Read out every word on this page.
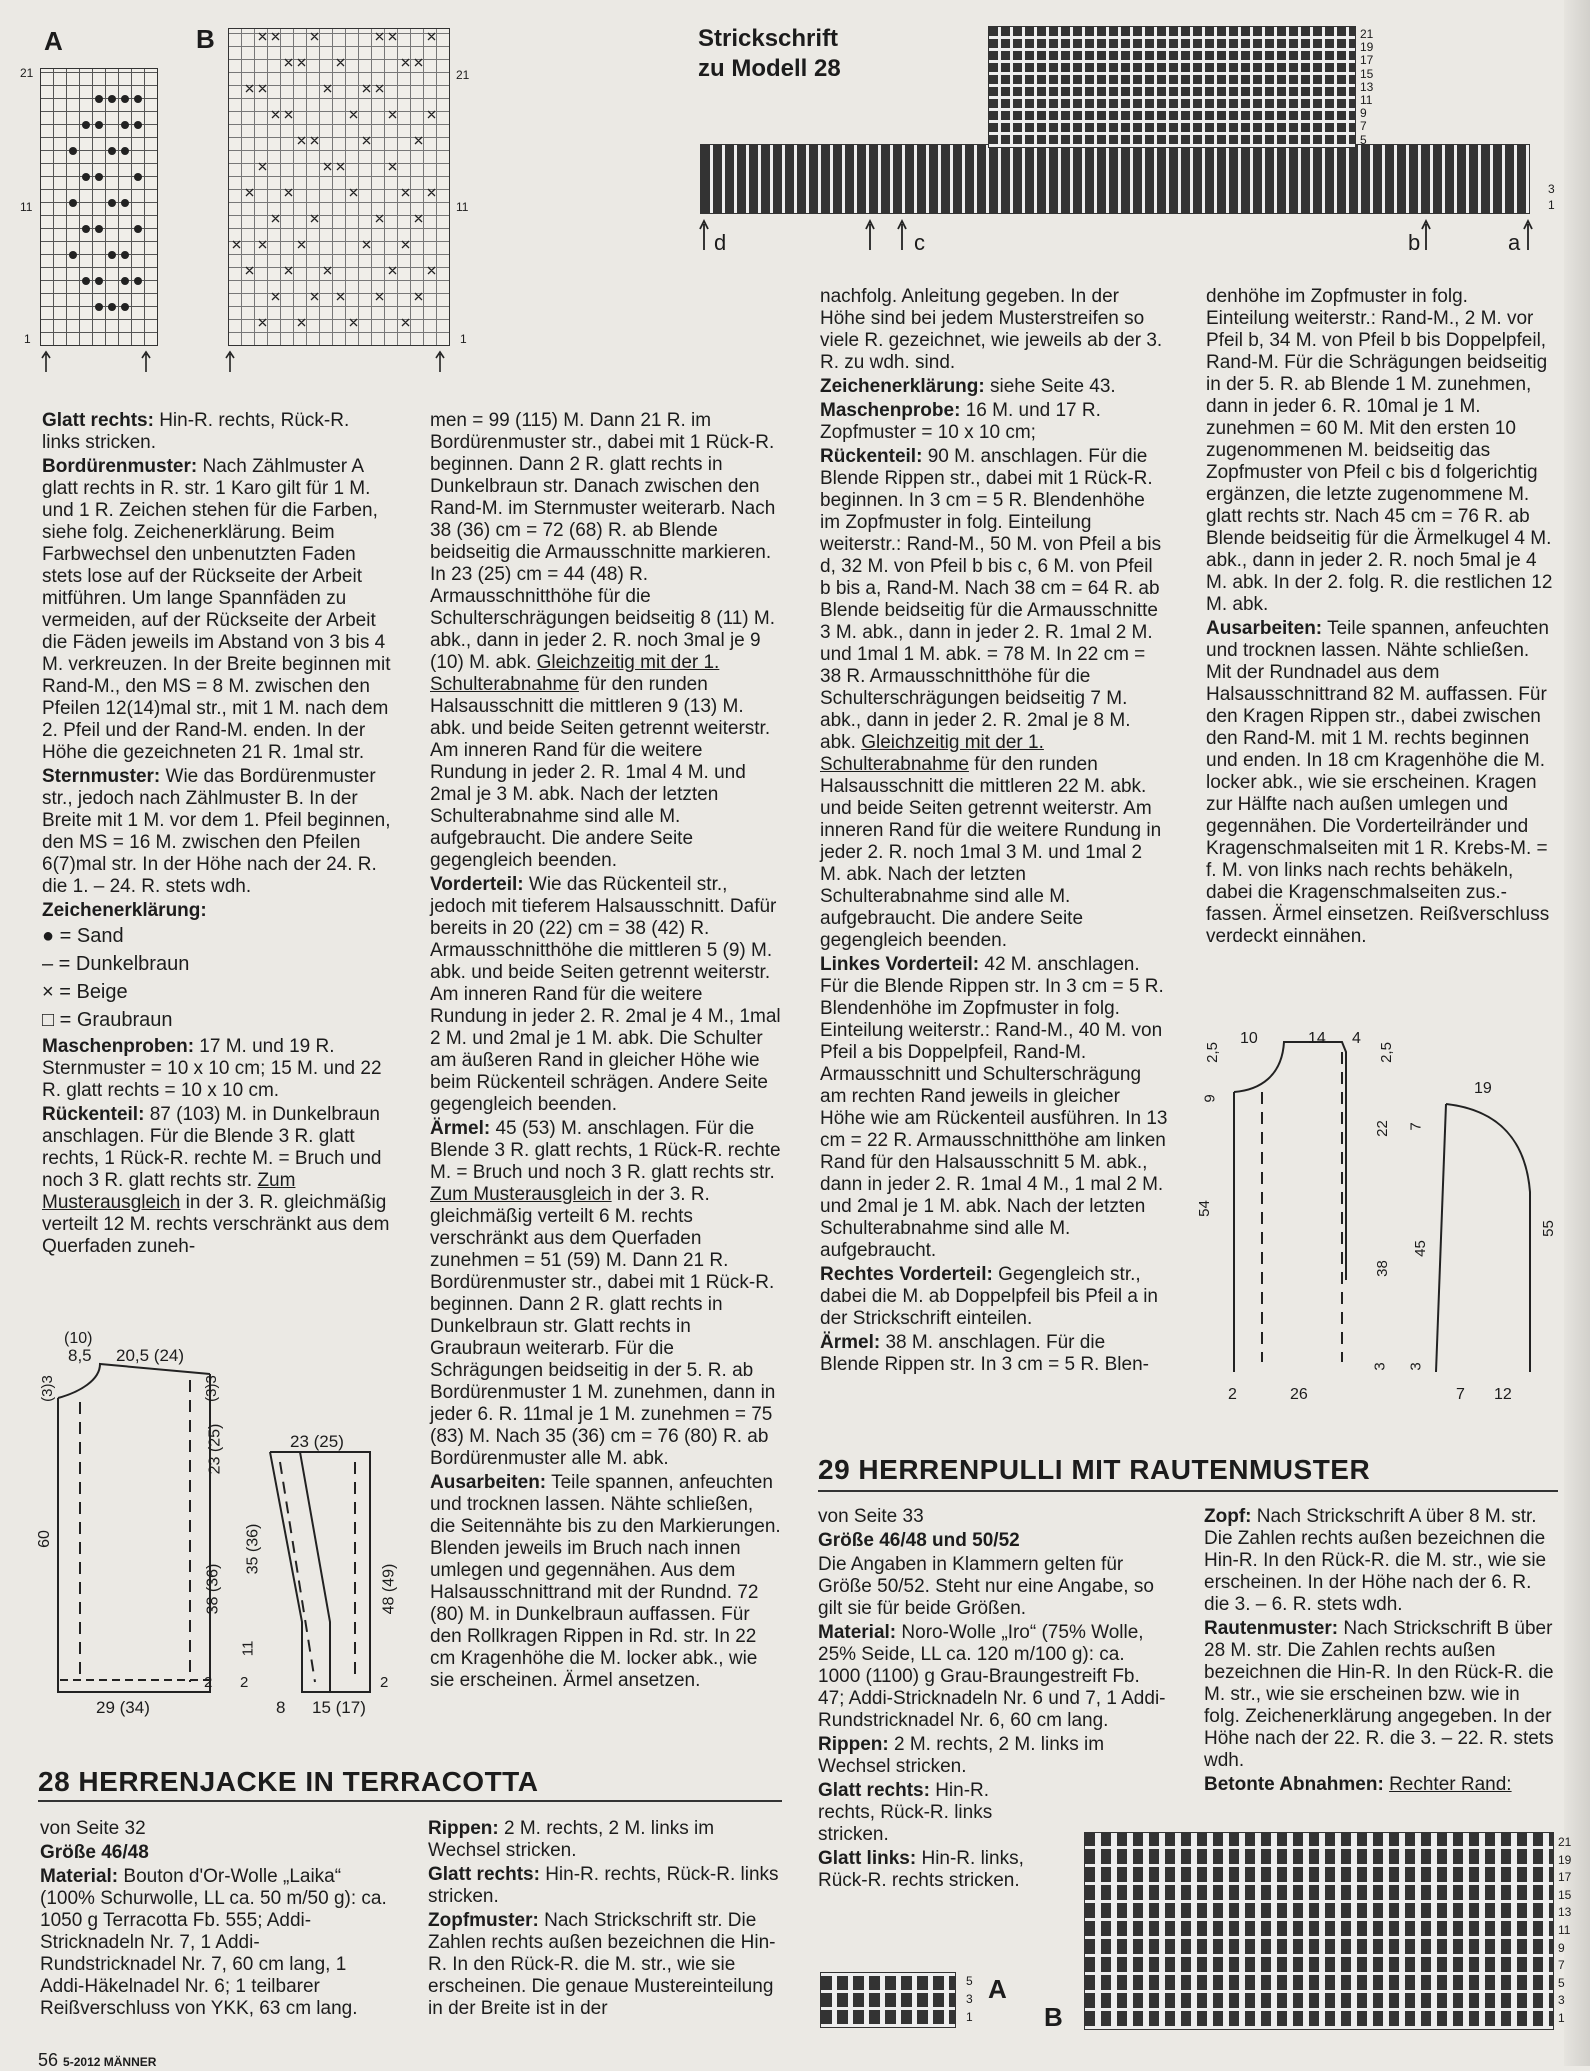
A
21
11
1
B
21
11
1
Strickschrift
zu Modell 28
21
19
17
15
13
11
9
7
5
3
1
d	c	b	a

Glatt rechts: Hin-R. rechts, Rück-R. links stricken.

Bordürenmuster: Nach Zählmuster A glatt rechts in R. str. 1 Karo gilt für 1 M. und 1 R. Zeichen stehen für die Farben, siehe folg. Zeichenerklärung. Beim Farbwechsel den unbenutzten Faden stets lose auf der Rückseite der Arbeit mitführen. Um lange Spannfäden zu vermeiden, auf der Rückseite der Arbeit die Fäden jeweils im Abstand von 3 bis 4 M. verkreuzen. In der Breite beginnen mit Rand-M., den MS = 8 M. zwischen den Pfeilen 12(14)mal str., mit 1 M. nach dem 2. Pfeil und der Rand-M. enden. In der Höhe die gezeichneten 21 R. 1mal str.

Sternmuster: Wie das Bordürenmuster str., jedoch nach Zählmuster B. In der Breite mit 1 M. vor dem 1. Pfeil beginnen, den MS = 16 M. zwischen den Pfeilen 6(7)mal str. In der Höhe nach der 24. R. die 1. – 24. R. stets wdh.

Zeichenerklärung:

● = Sand
– = Dunkelbraun
× = Beige
□ = Graubraun

Maschenproben: 17 M. und 19 R. Sternmuster = 10 x 10 cm; 15 M. und 22 R. glatt rechts = 10 x 10 cm.

Rückenteil: 87 (103) M. in Dunkelbraun anschlagen. Für die Blende 3 R. glatt rechts, 1 Rück-R. rechte M. = Bruch und noch 3 R. glatt rechts str. Zum Musterausgleich in der 3. R. gleichmäßig verteilt 12 M. rechts verschränkt aus dem Querfaden zuneh-

men = 99 (115) M. Dann 21 R. im Bordürenmuster str., dabei mit 1 Rück-R. beginnen. Dann 2 R. glatt rechts in Dunkelbraun str. Danach zwischen den Rand-M. im Sternmuster weiterarb. Nach 38 (36) cm = 72 (68) R. ab Blende beidseitig die Armausschnitte markieren. In 23 (25) cm = 44 (48) R. Armausschnitthöhe für die Schulterschrägungen beidseitig 8 (11) M. abk., dann in jeder 2. R. noch 3mal je 9 (10) M. abk. Gleichzeitig mit der 1. Schulterabnahme für den runden Halsausschnitt die mittleren 9 (13) M. abk. und beide Seiten getrennt weiterstr. Am inneren Rand für die weitere Rundung in jeder 2. R. 1mal 4 M. und 2mal je 3 M. abk. Nach der letzten Schulterabnahme sind alle M. aufgebraucht. Die andere Seite gegengleich beenden.

Vorderteil: Wie das Rückenteil str., jedoch mit tieferem Halsausschnitt. Dafür bereits in 20 (22) cm = 38 (42) R. Armausschnitthöhe die mittleren 5 (9) M. abk. und beide Seiten getrennt weiterstr. Am inneren Rand für die weitere Rundung in jeder 2. R. 2mal je 4 M., 1mal 2 M. und 2mal je 1 M. abk. Die Schulter am äußeren Rand in gleicher Höhe wie beim Rückenteil schrägen. Andere Seite gegengleich beenden.

Ärmel: 45 (53) M. anschlagen. Für die Blende 3 R. glatt rechts, 1 Rück-R. rechte M. = Bruch und noch 3 R. glatt rechts str. Zum Musterausgleich in der 3. R. gleichmäßig verteilt 6 M. rechts verschränkt aus dem Querfaden zunehmen = 51 (59) M. Dann 21 R. Bordürenmuster str., dabei mit 1 Rück-R. beginnen. Dann 2 R. glatt rechts in Dunkelbraun str. Glatt rechts in Graubraun weiterarb. Für die Schrägungen beidseitig in der 5. R. ab Bordürenmuster 1 M. zunehmen, dann in jeder 6. R. 11mal je 1 M. zunehmen = 75 (83) M. Nach 35 (36) cm = 76 (80) R. ab Bordürenmuster alle M. abk.

Ausarbeiten: Teile spannen, anfeuchten und trocknen lassen. Nähte schließen, die Seitennähte bis zu den Markierungen. Blenden jeweils im Bruch nach innen umlegen und gegennähen. Aus dem Halsausschnittrand mit der Rundnd. 72 (80) M. in Dunkelbraun auffassen. Für den Rollkragen Rippen in Rd. str. In 22 cm Kragenhöhe die M. locker abk., wie sie erscheinen. Ärmel ansetzen.

nachfolg. Anleitung gegeben. In der Höhe sind bei jedem Musterstreifen so viele R. gezeichnet, wie jeweils ab der 3. R. zu wdh. sind.

Zeichenerklärung: siehe Seite 43.

Maschenprobe: 16 M. und 17 R. Zopfmuster = 10 x 10 cm;

Rückenteil: 90 M. anschlagen. Für die Blende Rippen str., dabei mit 1 Rück-R. beginnen. In 3 cm = 5 R. Blendenhöhe im Zopfmuster in folg. Einteilung weiterstr.: Rand-M., 50 M. von Pfeil a bis d, 32 M. von Pfeil b bis c, 6 M. von Pfeil b bis a, Rand-M. Nach 38 cm = 64 R. ab Blende beidseitig für die Armausschnitte 3 M. abk., dann in jeder 2. R. 1mal 2 M. und 1mal 1 M. abk. = 78 M. In 22 cm = 38 R. Armausschnitthöhe für die Schulterschrägungen beidseitig 7 M. abk., dann in jeder 2. R. 2mal je 8 M. abk. Gleichzeitig mit der 1. Schulterabnahme für den runden Halsausschnitt die mittleren 22 M. abk. und beide Seiten getrennt weiterstr. Am inneren Rand für die weitere Rundung in jeder 2. R. noch 1mal 3 M. und 1mal 2 M. abk. Nach der letzten Schulterabnahme sind alle M. aufgebraucht. Die andere Seite gegengleich beenden.

Linkes Vorderteil: 42 M. anschlagen. Für die Blende Rippen str. In 3 cm = 5 R. Blendenhöhe im Zopfmuster in folg. Einteilung weiterstr.: Rand-M., 40 M. von Pfeil a bis Doppelpfeil, Rand-M. Armausschnitt und Schulterschrägung am rechten Rand jeweils in gleicher Höhe wie am Rückenteil ausführen. In 13 cm = 22 R. Armausschnitthöhe am linken Rand für den Halsausschnitt 5 M. abk., dann in jeder 2. R. 1mal 4 M., 1 mal 2 M. und 2mal je 1 M. abk. Nach der letzten Schulterabnahme sind alle M. aufgebraucht.

Rechtes Vorderteil: Gegengleich str., dabei die M. ab Doppelpfeil bis Pfeil a in der Strickschrift einteilen.

Ärmel: 38 M. anschlagen. Für die Blende Rippen str. In 3 cm = 5 R. Blen-

denhöhe im Zopfmuster in folg. Einteilung weiterstr.: Rand-M., 2 M. vor Pfeil b, 34 M. von Pfeil b bis Doppelpfeil, Rand-M. Für die Schrägungen beidseitig in der 5. R. ab Blende 1 M. zunehmen, dann in jeder 6. R. 10mal je 1 M. zunehmen = 60 M. Mit den ersten 10 zugenommenen M. beidseitig das Zopfmuster von Pfeil c bis d folgerichtig ergänzen, die letzte zugenommene M. glatt rechts str. Nach 45 cm = 76 R. ab Blende beidseitig für die Ärmelkugel 4 M. abk., dann in jeder 2. R. noch 5mal je 4 M. abk. In der 2. folg. R. die restlichen 12 M. abk.

Ausarbeiten: Teile spannen, anfeuchten und trocknen lassen. Nähte schließen. Mit der Rundnadel aus dem Halsausschnittrand 82 M. auffassen. Für den Kragen Rippen str., dabei zwischen den Rand-M. mit 1 M. rechts beginnen und enden. In 18 cm Kragenhöhe die M. locker abk., wie sie erscheinen. Kragen zur Hälfte nach außen umlegen und gegennähen. Die Vorderteilränder und Kragenschmalseiten mit 1 R. Krebs-M. = f. M. von links nach rechts behäkeln, dabei die Kragenschmalseiten zus.-fassen. Ärmel einsetzen. Reißverschluss verdeckt einnähen.

(10)
8,5 20,5 (24)
23 (25)
(3)3	(3)3
23 (25)
60
38 (36)
35 (36)
48 (49)
2 2
11
2
29 (34)	8 15 (17)
10	14 4
19
2,5
9
2,5
22 7
54
38
45
55
3 3
2	26	7 12
28 HERRENJACKE IN TERRACOTTA

von Seite 32

Größe 46/48

Material: Bouton d'Or-Wolle „Laika“ (100% Schurwolle, LL ca. 50 m/50 g): ca. 1050 g Terracotta Fb. 555; Addi-Stricknadeln Nr. 7, 1 Addi-Rundstricknadel Nr. 7, 60 cm lang, 1 Addi-Häkelnadel Nr. 6; 1 teilbarer Reißverschluss von YKK, 63 cm lang.

Rippen: 2 M. rechts, 2 M. links im Wechsel stricken.

Glatt rechts: Hin-R. rechts, Rück-R. links stricken.

Zopfmuster: Nach Strickschrift str. Die Zahlen rechts außen bezeichnen die Hin-R. In den Rück-R. die M. str., wie sie erscheinen. Die genaue Mustereinteilung in der Breite ist in der

29 HERRENPULLI MIT RAUTENMUSTER

von Seite 33

Größe 46/48 und 50/52

Die Angaben in Klammern gelten für Größe 50/52. Steht nur eine Angabe, so gilt sie für beide Größen.

Material: Noro-Wolle „Iro“ (75% Wolle, 25% Seide, LL ca. 120 m/100 g): ca. 1000 (1100) g Grau-Braungestreift Fb. 47; Addi-Stricknadeln Nr. 6 und 7, 1 Addi-Rundstricknadel Nr. 6, 60 cm lang.

Rippen: 2 M. rechts, 2 M. links im Wechsel stricken.

Glatt rechts: Hin-R. rechts, Rück-R. links stricken.

Glatt links: Hin-R. links, Rück-R. rechts stricken.

Zopf: Nach Strickschrift A über 8 M. str. Die Zahlen rechts außen bezeichnen die Hin-R. In den Rück-R. die M. str., wie sie erscheinen. In der Höhe nach der 6. R. die 3. – 6. R. stets wdh.

Rautenmuster: Nach Strickschrift B über 28 M. str. Die Zahlen rechts außen bezeichnen die Hin-R. In den Rück-R. die M. str., wie sie erscheinen bzw. wie in folg. Zeichenerklärung angegeben. In der Höhe nach der 22. R. die 3. – 22. R. stets wdh.

Betonte Abnahmen: Rechter Rand:

5
3
1
A
21
19
17
15
13
11
9
7
5
3
1
B
56 5-2012 MÄNNER
